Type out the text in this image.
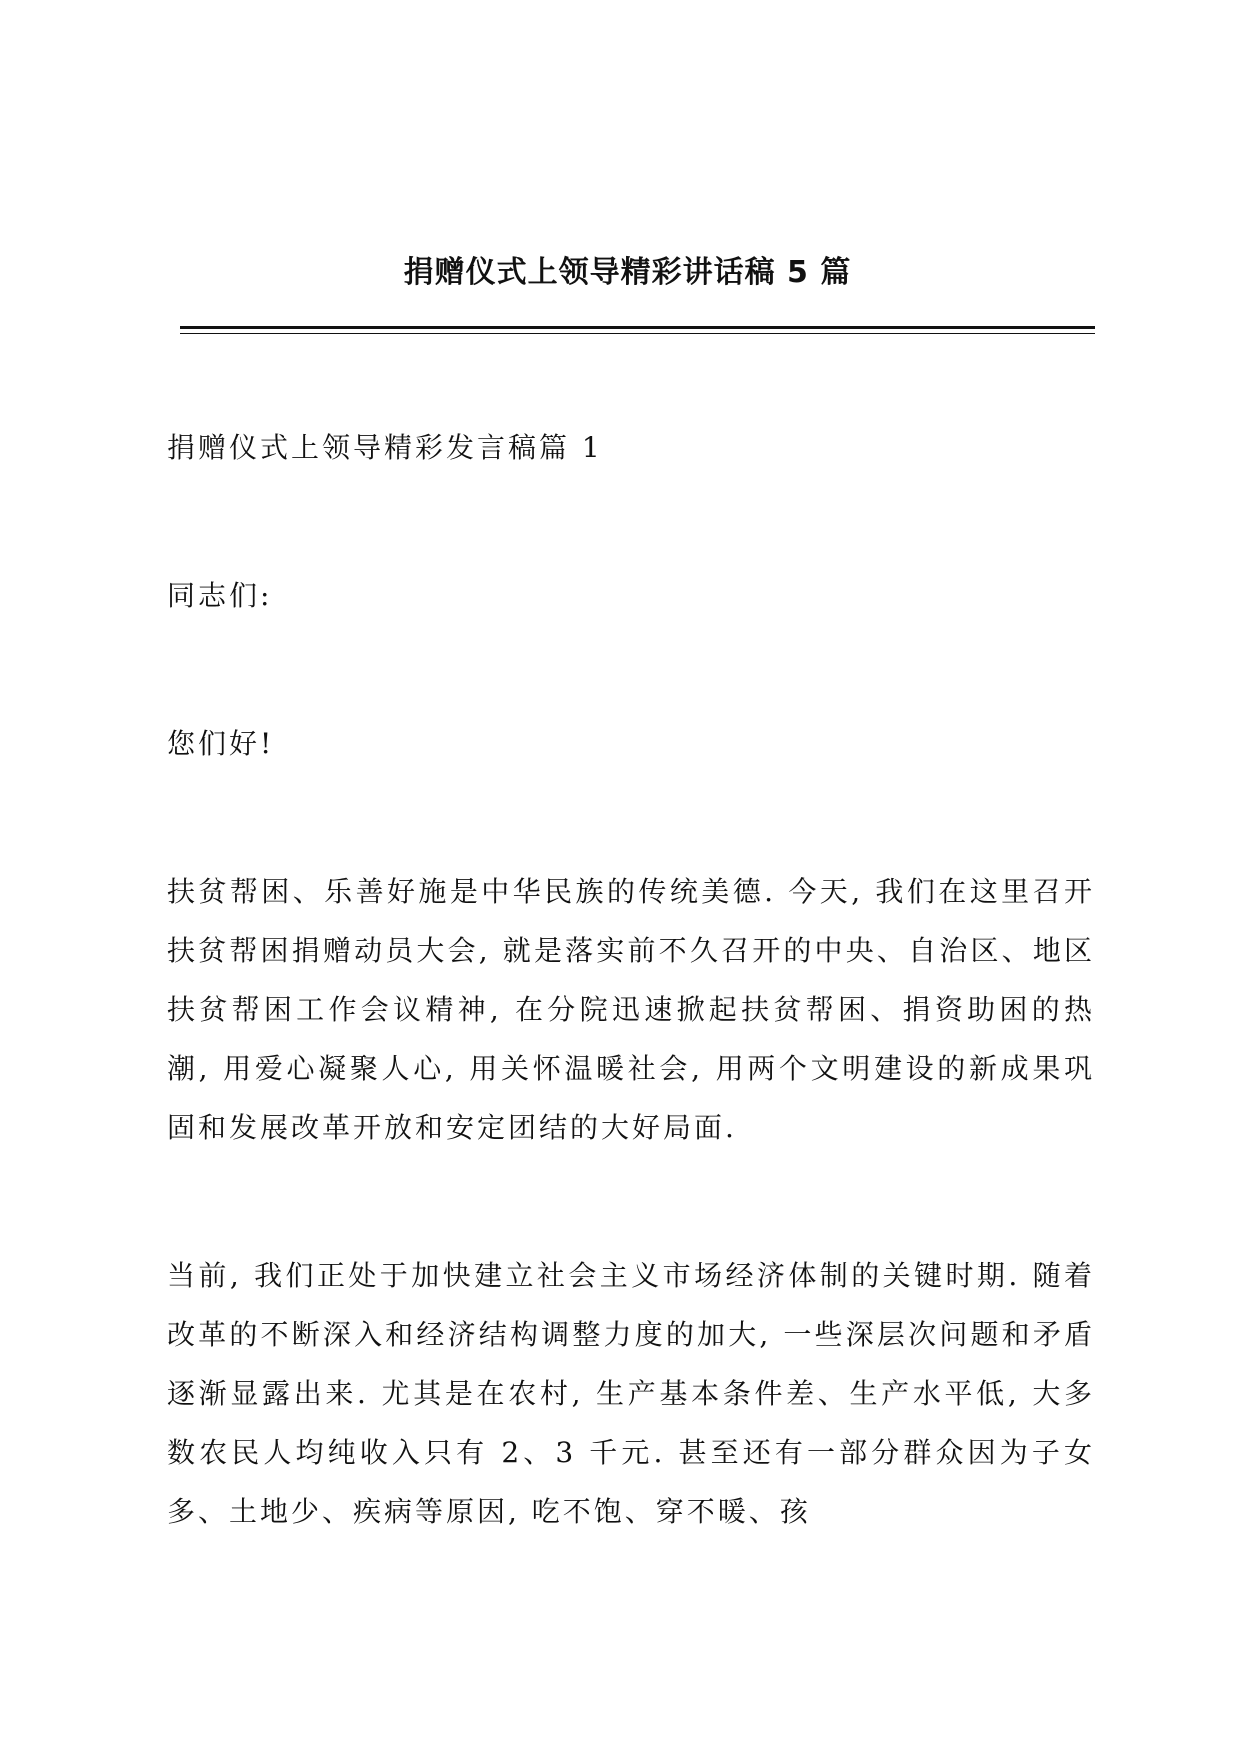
捐赠仪式上领导精彩讲话稿 5 篇

捐赠仪式上领导精彩发言稿篇 1

同志们:

您们好!

扶贫帮困、乐善好施是中华民族的传统美德. 今天, 我们在这里召开扶贫帮困捐赠动员大会, 就是落实前不久召开的中央、自治区、地区扶贫帮困工作会议精神, 在分院迅速掀起扶贫帮困、捐资助困的热潮, 用爱心凝聚人心, 用关怀温暖社会, 用两个文明建设的新成果巩固和发展改革开放和安定团结的大好局面.

当前, 我们正处于加快建立社会主义市场经济体制的关键时期. 随着改革的不断深入和经济结构调整力度的加大, 一些深层次问题和矛盾逐渐显露出来. 尤其是在农村, 生产基本条件差、生产水平低, 大多数农民人均纯收入只有 2、3 千元. 甚至还有一部分群众因为子女多、土地少、疾病等原因, 吃不饱、穿不暖、孩
